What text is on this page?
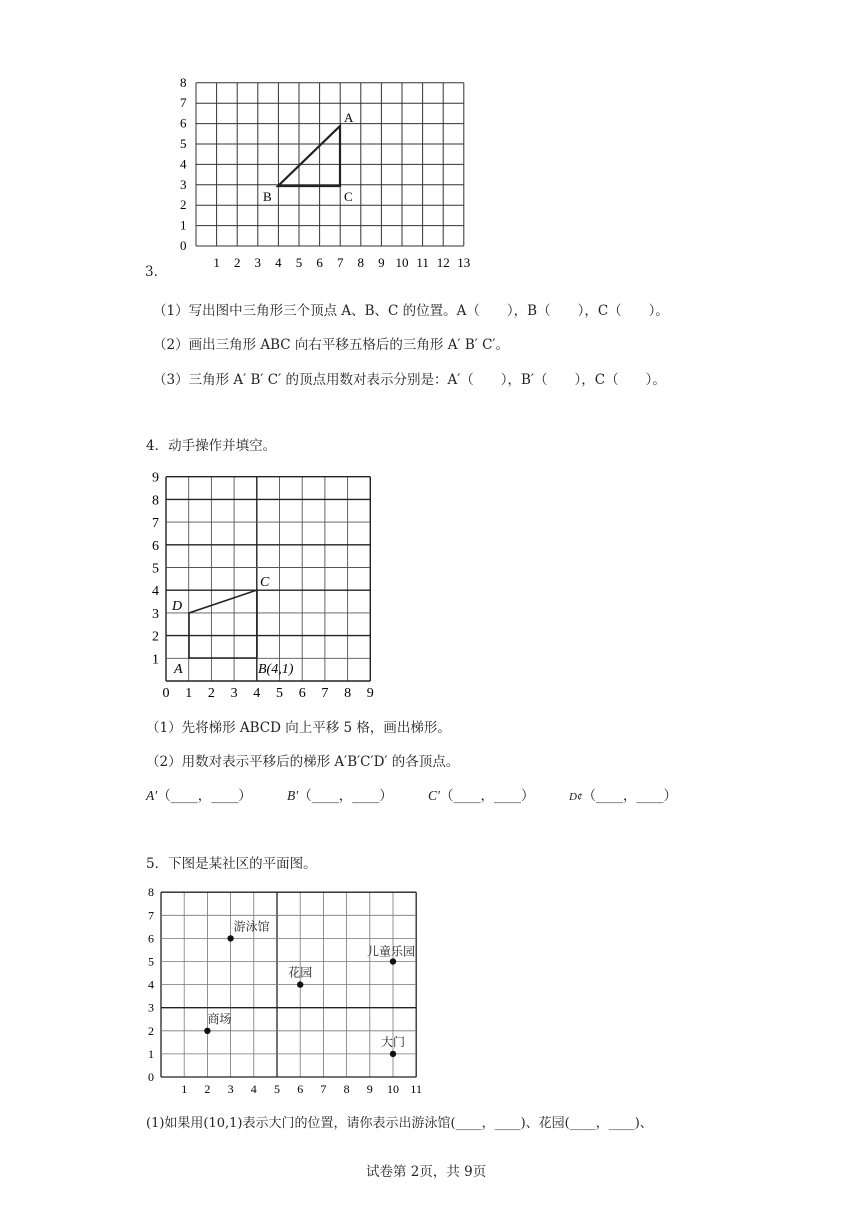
0
1
2
3
4
5
6
7
8
1 2 3 4 5 6 7 8 9 10 11 12 13
A
B	C
3.
（1）写出图中三角形三个顶点 A、B、C 的位置。A（　　），B（　　），C（　　）。
（2）画出三角形 ABC 向右平移五格后的三角形 A′ B′ C′。
（3）三角形 A′ B′ C′ 的顶点用数对表示分别是：A′（　　），B′（　　），C（　　）。
4．动手操作并填空。
1
2
3
4
5
6
7
8
9
0 1 2 3 4 5 6 7 8 9
A	B(4,1)
C
D
（1）先将梯形 ABCD 向上平移 5 格，画出梯形。
（2）用数对表示平移后的梯形 A′B′C′D′ 的各顶点。
A′（____，____）	B′（____，____）	C′（____，____）	D¢（____，____）
5．下图是某社区的平面图。
0
1
2
3
4
5
6
7
8
1 2 3 4 5 6 7 8 9 10 11
游泳馆
儿童乐园
花园
商场
大门
(1)如果用(10,1)表示大门的位置，请你表示出游泳馆(____，____)、花园(____，____)、
试卷第 2页，共 9页
